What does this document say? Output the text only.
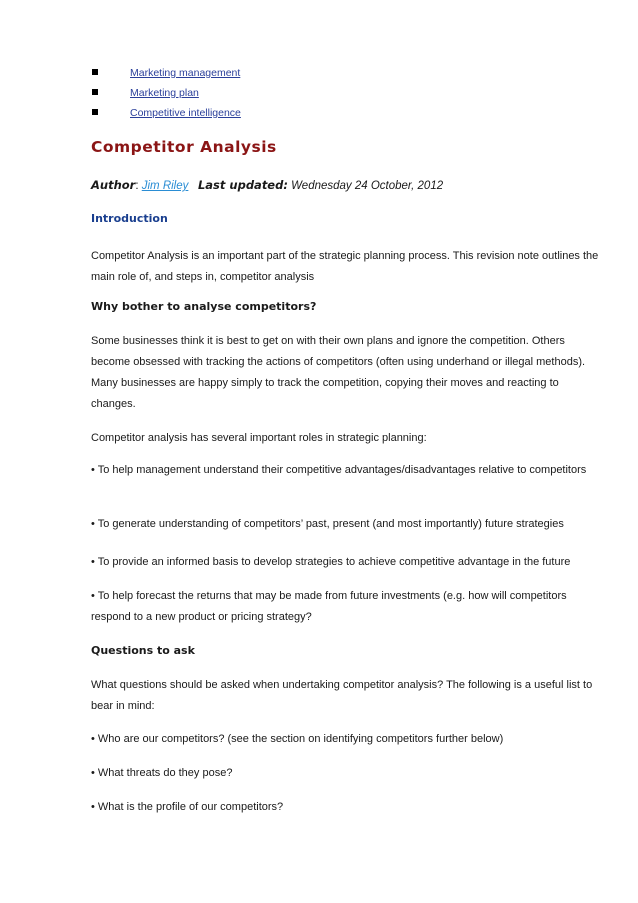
Marketing management
Marketing plan
Competitive intelligence
Competitor Analysis
Author: Jim Riley Last updated: Wednesday 24 October, 2012
Introduction

Competitor Analysis is an important part of the strategic planning process. This revision note outlines the main role of, and steps in, competitor analysis

Why bother to analyse competitors?

Some businesses think it is best to get on with their own plans and ignore the competition. Others become obsessed with tracking the actions of competitors (often using underhand or illegal methods). Many businesses are happy simply to track the competition, copying their moves and reacting to changes.

Competitor analysis has several important roles in strategic planning:

• To help management understand their competitive advantages/disadvantages relative to competitors

• To generate understanding of competitors’ past, present (and most importantly) future strategies

• To provide an informed basis to develop strategies to achieve competitive advantage in the future

• To help forecast the returns that may be made from future investments (e.g. how will competitors respond to a new product or pricing strategy?

Questions to ask

What questions should be asked when undertaking competitor analysis? The following is a useful list to bear in mind:

• Who are our competitors? (see the section on identifying competitors further below)

• What threats do they pose?

• What is the profile of our competitors?
